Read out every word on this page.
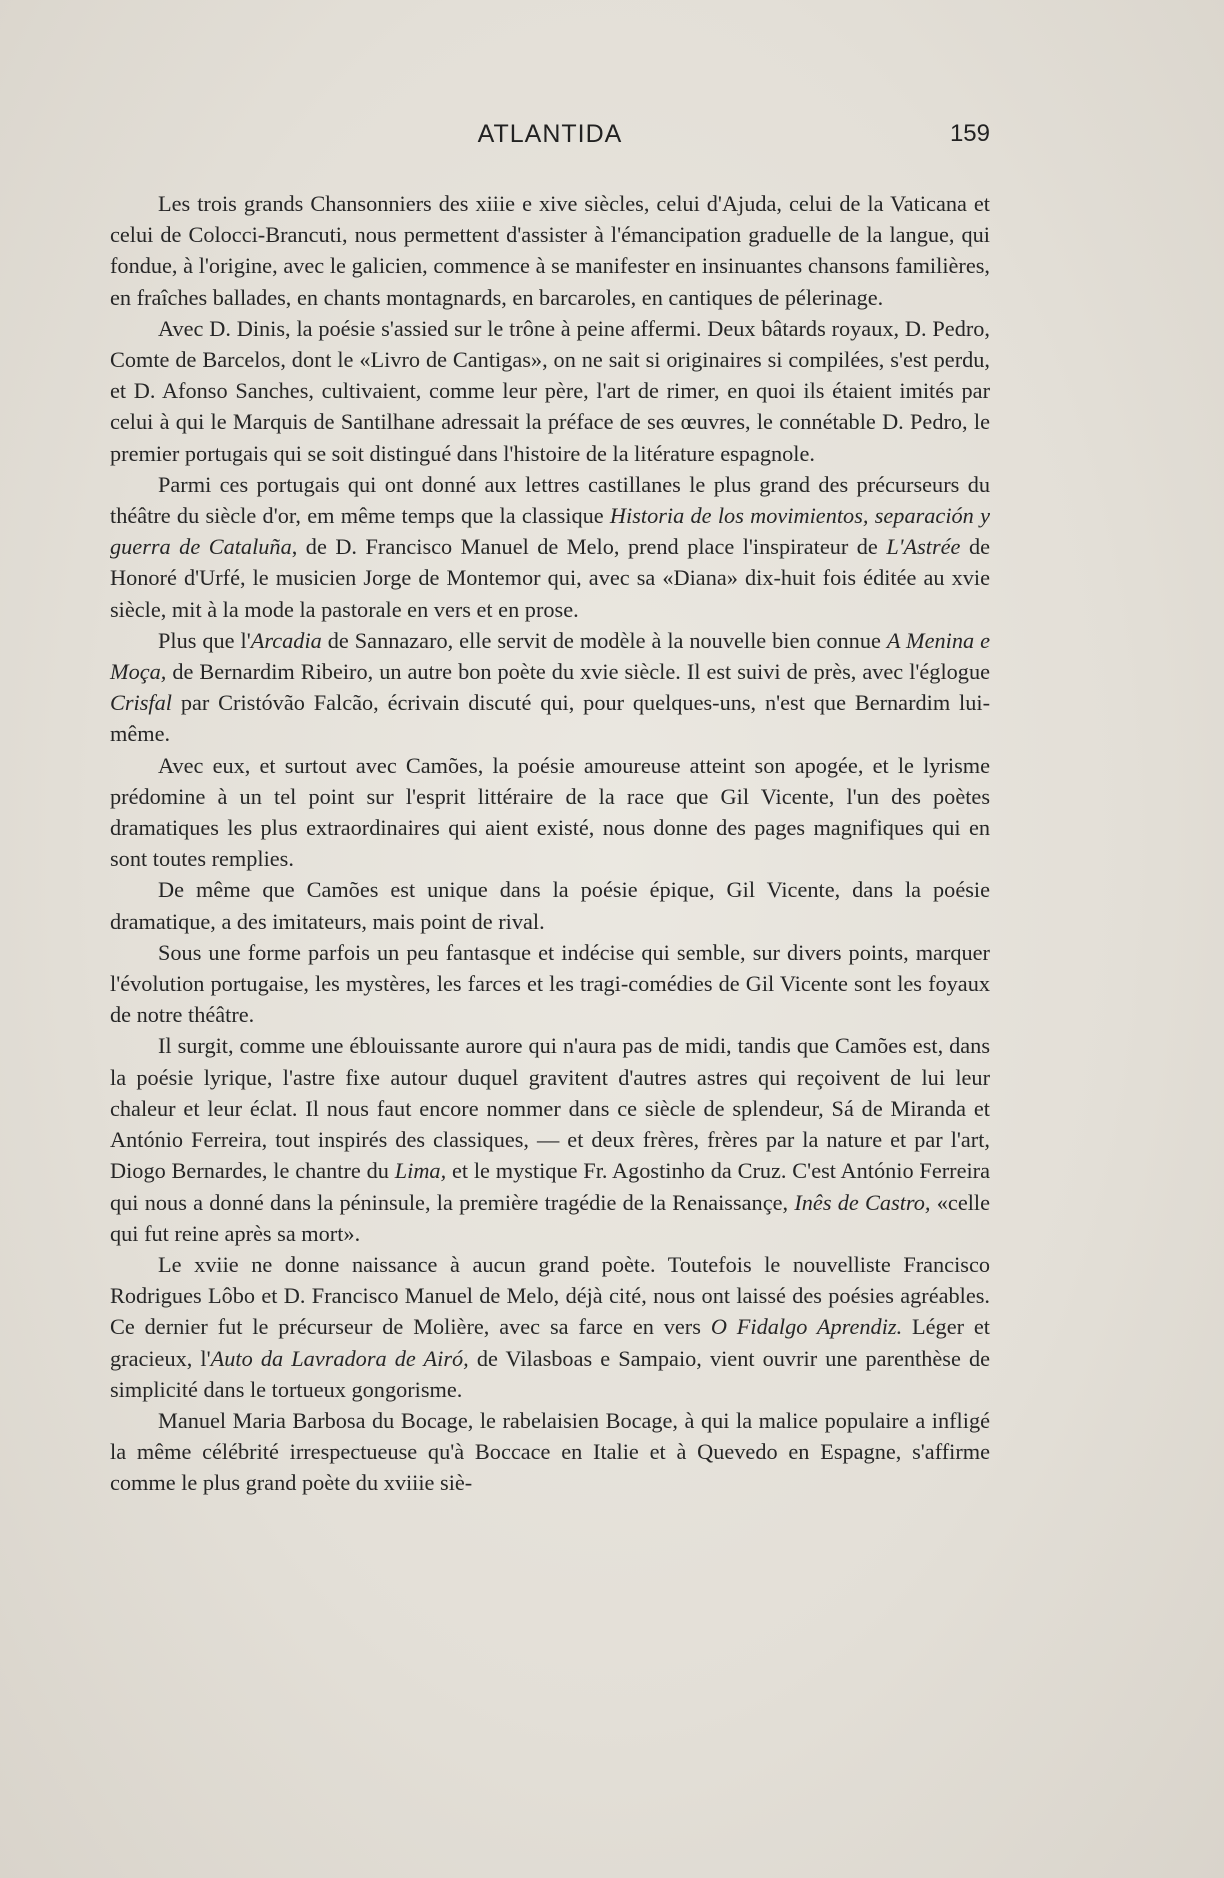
ATLANTIDA	159

Les trois grands Chansonniers des xiiie e xive siècles, celui d'Ajuda, celui de la Vaticana et celui de Colocci-Brancuti, nous permettent d'assister à l'émancipation graduelle de la langue, qui fondue, à l'origine, avec le galicien, commence à se manifester en insinuantes chansons familières, en fraîches ballades, en chants montagnards, en barcaroles, en cantiques de pélerinage.

Avec D. Dinis, la poésie s'assied sur le trône à peine affermi. Deux bâtards royaux, D. Pedro, Comte de Barcelos, dont le «Livro de Cantigas», on ne sait si originaires si compilées, s'est perdu, et D. Afonso Sanches, cultivaient, comme leur père, l'art de rimer, en quoi ils étaient imités par celui à qui le Marquis de Santilhane adressait la préface de ses œuvres, le connétable D. Pedro, le premier portugais qui se soit distingué dans l'histoire de la litérature espagnole.

Parmi ces portugais qui ont donné aux lettres castillanes le plus grand des précurseurs du théâtre du siècle d'or, em même temps que la classique Historia de los movimientos, separación y guerra de Cataluña, de D. Francisco Manuel de Melo, prend place l'inspirateur de L'Astrée de Honoré d'Urfé, le musicien Jorge de Montemor qui, avec sa «Diana» dix-huit fois éditée au xvie siècle, mit à la mode la pastorale en vers et en prose.

Plus que l'Arcadia de Sannazaro, elle servit de modèle à la nouvelle bien connue A Menina e Moça, de Bernardim Ribeiro, un autre bon poète du xvie siècle. Il est suivi de près, avec l'églogue Crisfal par Cristóvão Falcão, écrivain discuté qui, pour quelques-uns, n'est que Bernardim lui-même.

Avec eux, et surtout avec Camões, la poésie amoureuse atteint son apogée, et le lyrisme prédomine à un tel point sur l'esprit littéraire de la race que Gil Vicente, l'un des poètes dramatiques les plus extraordinaires qui aient existé, nous donne des pages magnifiques qui en sont toutes remplies.

De même que Camões est unique dans la poésie épique, Gil Vicente, dans la poésie dramatique, a des imitateurs, mais point de rival.

Sous une forme parfois un peu fantasque et indécise qui semble, sur divers points, marquer l'évolution portugaise, les mystères, les farces et les tragi-comédies de Gil Vicente sont les foyaux de notre théâtre.

Il surgit, comme une éblouissante aurore qui n'aura pas de midi, tandis que Camões est, dans la poésie lyrique, l'astre fixe autour duquel gravitent d'autres astres qui reçoivent de lui leur chaleur et leur éclat. Il nous faut encore nommer dans ce siècle de splendeur, Sá de Miranda et António Ferreira, tout inspirés des classiques, — et deux frères, frères par la nature et par l'art, Diogo Bernardes, le chantre du Lima, et le mystique Fr. Agostinho da Cruz. C'est António Ferreira qui nous a donné dans la péninsule, la première tragédie de la Renaissançe, Inês de Castro, «celle qui fut reine après sa mort».

Le xviie ne donne naissance à aucun grand poète. Toutefois le nouvelliste Francisco Rodrigues Lôbo et D. Francisco Manuel de Melo, déjà cité, nous ont laissé des poésies agréables. Ce dernier fut le précurseur de Molière, avec sa farce en vers O Fidalgo Aprendiz. Léger et gracieux, l'Auto da Lavradora de Airó, de Vilasboas e Sampaio, vient ouvrir une parenthèse de simplicité dans le tortueux gongorisme.

Manuel Maria Barbosa du Bocage, le rabelaisien Bocage, à qui la malice populaire a infligé la même célébrité irrespectueuse qu'à Boccace en Italie et à Quevedo en Espagne, s'affirme comme le plus grand poète du xviiie siè-
